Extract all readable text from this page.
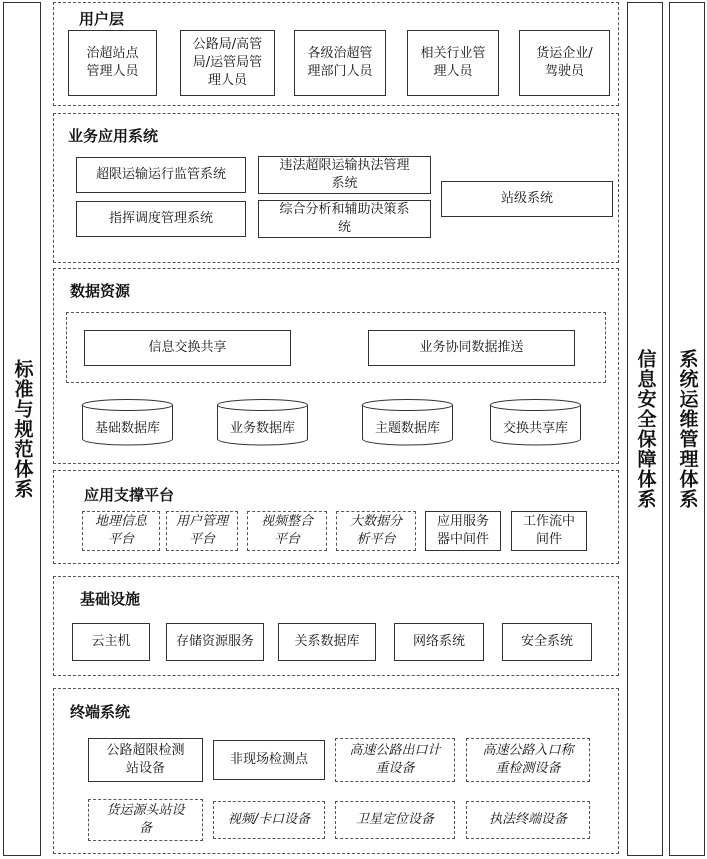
标准与规范体系	信息安全保障体系 系统运维管理体系
用户层
治超站点
管理人员
公路局/高管
局/运管局管
理人员
各级治超管
理部门人员
相关行业管
理人员
货运企业/
驾驶员
业务应用系统
超限运输运行监管系统
违法超限运输执法管理
系统
站级系统
指挥调度管理系统
综合分析和辅助决策系
统
数据资源
信息交换共享	业务协同数据推送
基础数据库	业务数据库	主题数据库	交换共享库
应用支撑平台
地理信息
平台
用户管理
平台
视频整合
平台
大数据分
析平台
应用服务
器中间件
工作流中
间件
基础设施
云主机	存储资源服务	关系数据库	网络系统	安全系统
终端系统
公路超限检测
站设备
非现场检测点
高速公路出口计
重设备
高速公路入口称
重检测设备
货运源头站设
备
视频/卡口设备	卫星定位设备	执法终端设备
